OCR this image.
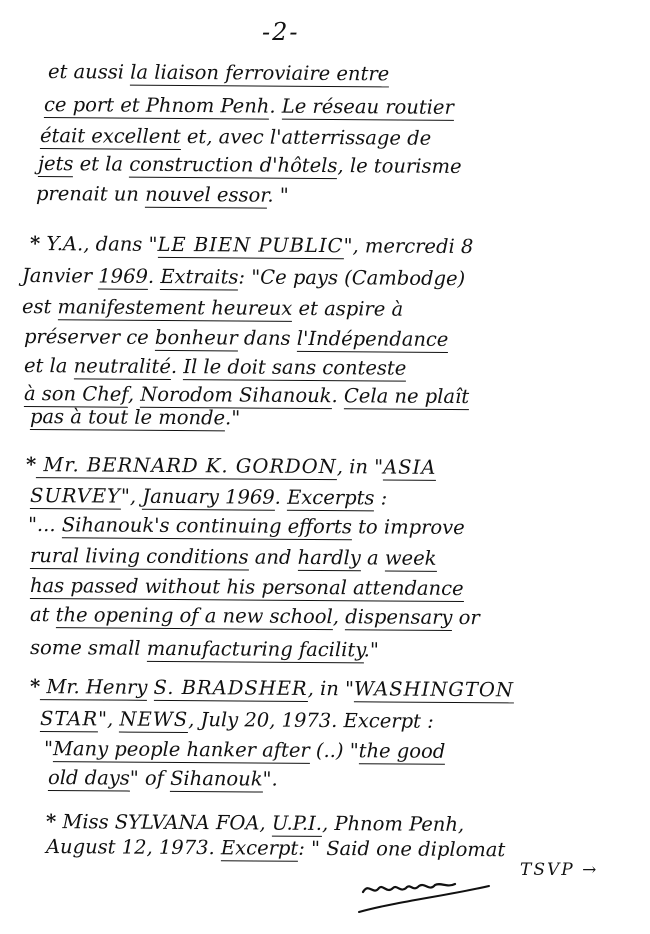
-2-
et aussi la liaison ferroviaire entre
ce port et Phnom Penh. Le réseau routier
était excellent et, avec l'atterrissage de
jets et la construction d'hôtels, le tourisme
prenait un nouvel essor. "
* Y.A., dans "LE BIEN PUBLIC", mercredi 8
Janvier 1969. Extraits: "Ce pays (Cambodge)
est manifestement heureux et aspire à
préserver ce bonheur dans l'Indépendance
et la neutralité. Il le doit sans conteste
à son Chef, Norodom Sihanouk. Cela ne plaît
pas à tout le monde."
* Mr. BERNARD K. GORDON, in "ASIA
SURVEY", January 1969. Excerpts :
"... Sihanouk's continuing efforts to improve
rural living conditions and hardly a week
has passed without his personal attendance
at the opening of a new school, dispensary or
some small manufacturing facility."
* Mr. Henry S. BRADSHER, in "WASHINGTON
STAR", NEWS, July 20, 1973. Excerpt :
"Many people hanker after (..) "the good
old days" of Sihanouk".
* Miss SYLVANA FOA, U.P.I., Phnom Penh,
August 12, 1973. Excerpt: " Said one diplomat
TSVP →
